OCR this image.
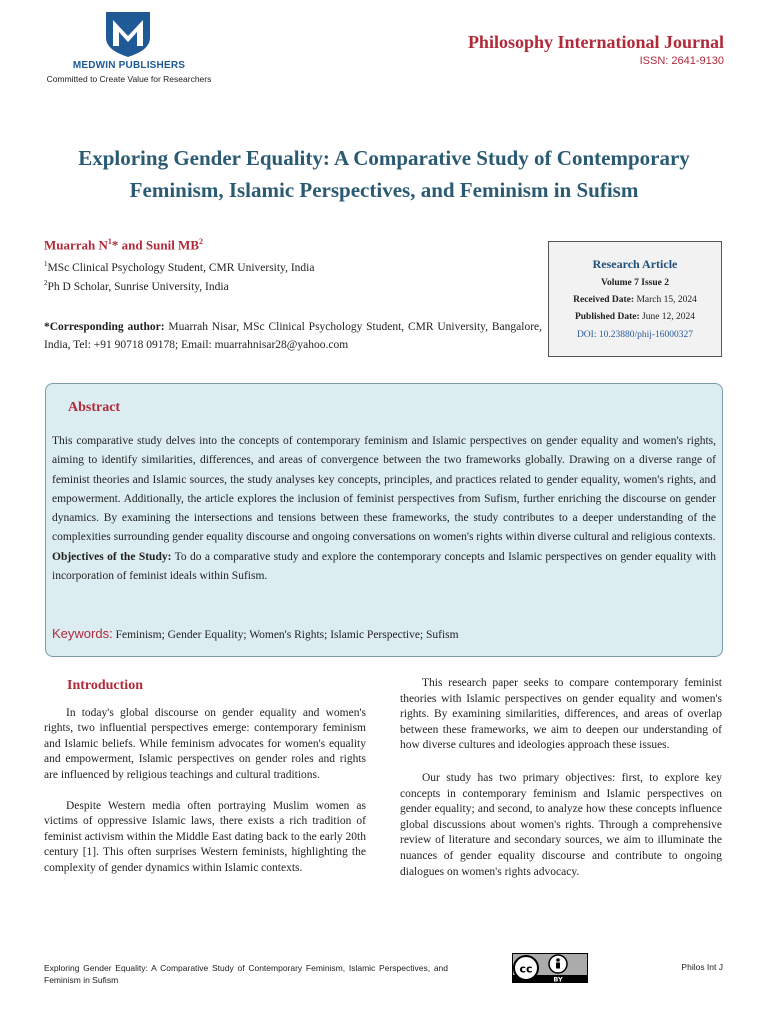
MEDWIN PUBLISHERS
Committed to Create Value for Researchers
Philosophy International Journal
ISSN: 2641-9130
Exploring Gender Equality: A Comparative Study of Contemporary
Feminism, Islamic Perspectives, and Feminism in Sufism
Muarrah $N^1*$ and Sunil $MB^2$
$^1$MSc Clinical Psychology Student, CMR University, India
$^2$Ph D Scholar, Sunrise University, India
*Corresponding author: Muarrah Nisar, MSc Clinical Psychology Student, CMR University, Bangalore, India, Tel: +91 90718 09178; Email: muarrahnisar28@yahoo.com
Research Article
Volume 7 Issue 2
Received Date: March 15, 2024
Published Date: June 12, 2024
DOI: 10.23880/phij-16000327
Abstract
This comparative study delves into the concepts of contemporary feminism and Islamic perspectives on gender equality and women's rights, aiming to identify similarities, differences, and areas of convergence between the two frameworks globally. Drawing on a diverse range of feminist theories and Islamic sources, the study analyses key concepts, principles, and practices related to gender equality, women's rights, and empowerment. Additionally, the article explores the inclusion of feminist perspectives from Sufism, further enriching the discourse on gender dynamics. By examining the intersections and tensions between these frameworks, the study contributes to a deeper understanding of the complexities surrounding gender equality discourse and ongoing conversations on women's rights within diverse cultural and religious contexts.
Objectives of the Study: To do a comparative study and explore the contemporary concepts and Islamic perspectives on gender equality with incorporation of feminist ideals within Sufism.
Keywords: Feminism; Gender Equality; Women's Rights; Islamic Perspective; Sufism
Introduction

In today's global discourse on gender equality and women's rights, two influential perspectives emerge: contemporary feminism and Islamic beliefs. While feminism advocates for women's equality and empowerment, Islamic perspectives on gender roles and rights are influenced by religious teachings and cultural traditions.

Despite Western media often portraying Muslim women as victims of oppressive Islamic laws, there exists a rich tradition of feminist activism within the Middle East dating back to the early 20th century [1]. This often surprises Western feminists, highlighting the complexity of gender dynamics within Islamic contexts.

This research paper seeks to compare contemporary feminist theories with Islamic perspectives on gender equality and women's rights. By examining similarities, differences, and areas of overlap between these frameworks, we aim to deepen our understanding of how diverse cultures and ideologies approach these issues.

Our study has two primary objectives: first, to explore key concepts in contemporary feminism and Islamic perspectives on gender equality; and second, to analyze how these concepts influence global discussions about women's rights. Through a comprehensive review of literature and secondary sources, we aim to illuminate the nuances of gender equality discourse and contribute to ongoing dialogues on women's rights advocacy.

Exploring Gender Equality: A Comparative Study of Contemporary Feminism, Islamic Perspectives, and Feminism in Sufism
cc
BY
Philos Int J
